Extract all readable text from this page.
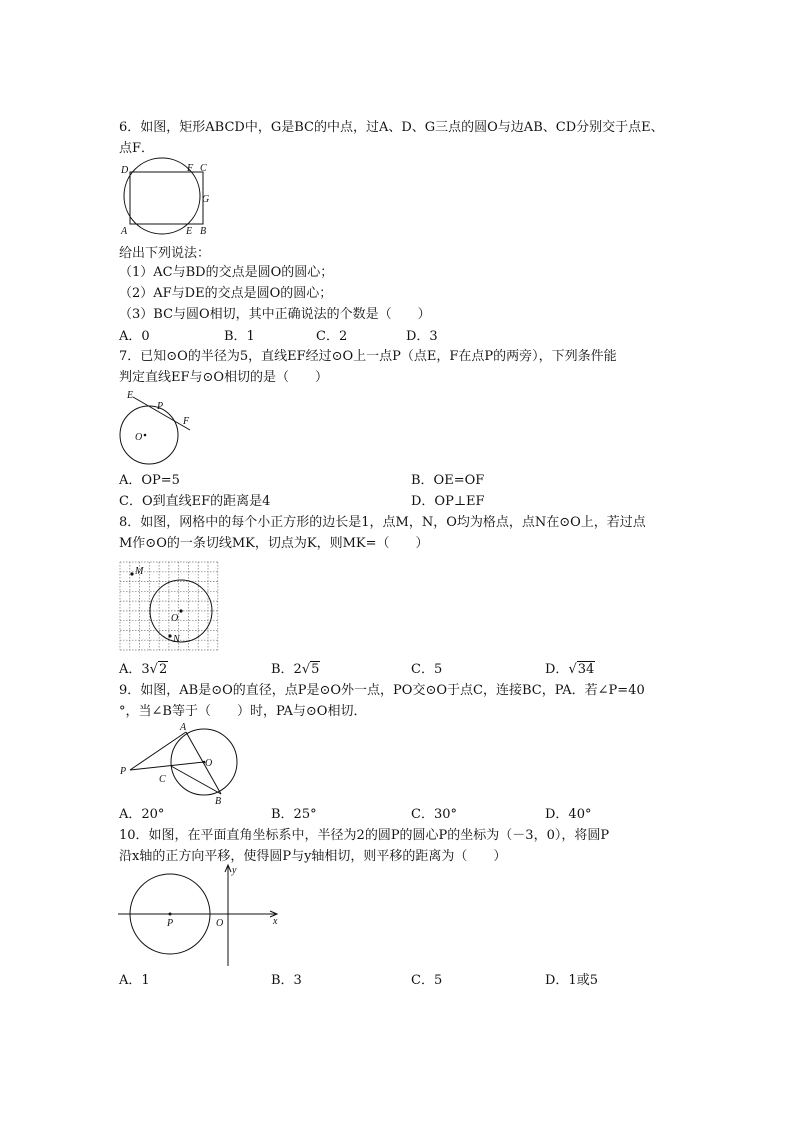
6．如图，矩形ABCD中，G是BC的中点，过A、D、G三点的圆O与边AB、CD分别交于点E、
点F．
D	F C
G
A	E B
给出下列说法：
（1）AC与BD的交点是圆O的圆心；
（2）AF与DE的交点是圆O的圆心；
（3）BC与圆O相切，其中正确说法的个数是（　　）
A．0	B．1	C．2	D．3
7．已知⊙O的半径为5，直线EF经过⊙O上一点P（点E，F在点P的两旁），下列条件能
判定直线EF与⊙O相切的是（　　）
E
P
F
O
A．OP=5	B．OE=OF
C．O到直线EF的距离是4	D．OP⊥EF
8．如图，网格中的每个小正方形的边长是1，点M，N，O均为格点，点N在⊙O上，若过点
M作⊙O的一条切线MK，切点为K，则MK=（　　）
M
O
N
A．3√2	B．2√5	C．5	D．√34
9．如图，AB是⊙O的直径，点P是⊙O外一点，PO交⊙O于点C，连接BC，PA．若∠P=40
°，当∠B等于（　　）时，PA与⊙O相切．
A
P
C
O
B
A．20°	B．25°	C．30°	D．40°
10．如图，在平面直角坐标系中，半径为2的圆P的圆心P的坐标为（－3，0），将圆P
沿x轴的正方向平移，使得圆P与y轴相切，则平移的距离为（　　）
y
x
O
P
A．1	B．3	C．5	D．1或5
